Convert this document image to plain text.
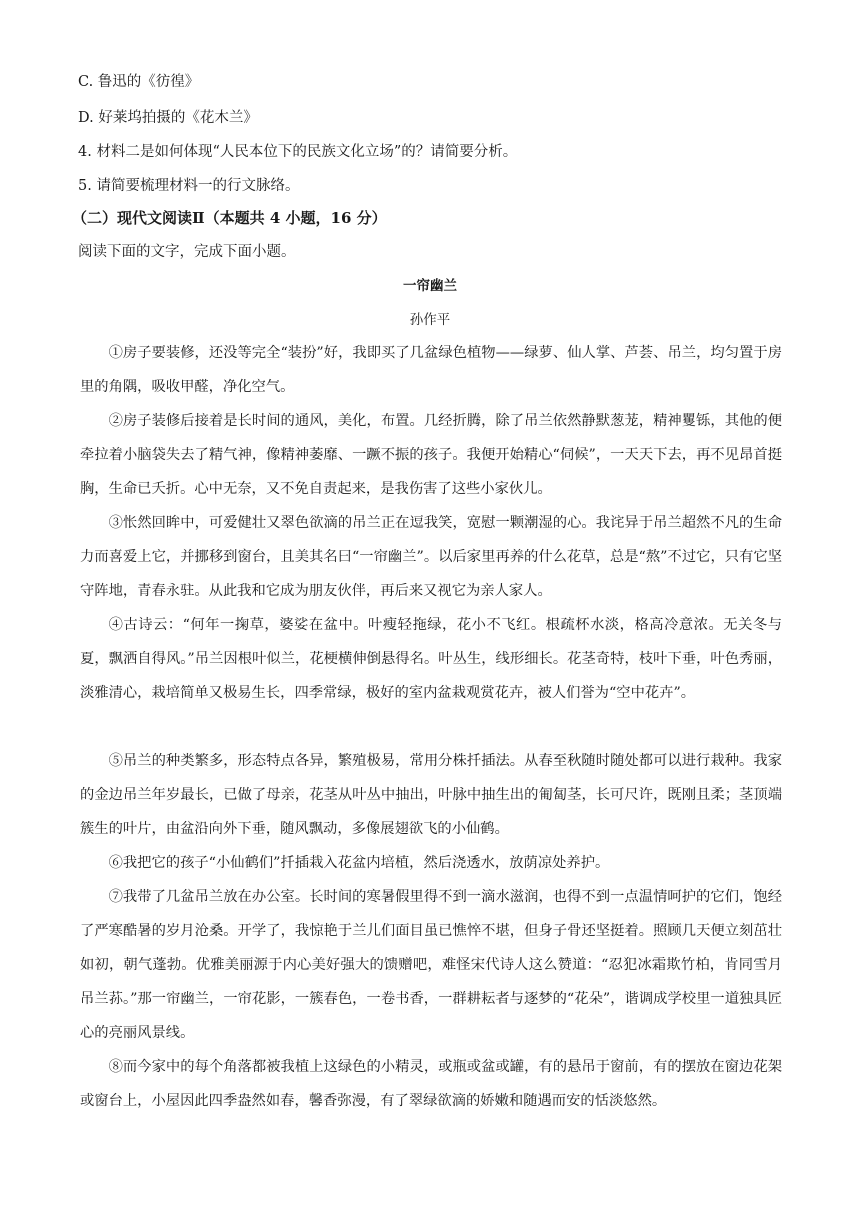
C. 鲁迅的《彷徨》
D. 好莱坞拍摄的《花木兰》
4. 材料二是如何体现“人民本位下的民族文化立场”的？请简要分析。
5. 请简要梳理材料一的行文脉络。
（二）现代文阅读Ⅱ（本题共 4 小题，16 分）
阅读下面的文字，完成下面小题。
一帘幽兰
孙作平

①房子要装修，还没等完全“装扮”好，我即买了几盆绿色植物——绿萝、仙人掌、芦荟、吊兰，均匀置于房里的角隅，吸收甲醛，净化空气。

②房子装修后接着是长时间的通风，美化，布置。几经折腾，除了吊兰依然静默葱茏，精神矍铄，其他的便牵拉着小脑袋失去了精气神，像精神萎靡、一蹶不振的孩子。我便开始精心“伺候”，一天天下去，再不见昂首挺胸，生命已夭折。心中无奈，又不免自责起来，是我伤害了这些小家伙儿。

③怅然回眸中，可爱健壮又翠色欲滴的吊兰正在逗我笑，宽慰一颗潮湿的心。我诧异于吊兰超然不凡的生命力而喜爱上它，并挪移到窗台，且美其名曰“一帘幽兰”。以后家里再养的什么花草，总是“熬”不过它，只有它坚守阵地，青春永驻。从此我和它成为朋友伙伴，再后来又视它为亲人家人。

④古诗云：“何年一掬草，婆娑在盆中。叶瘦轻拖绿，花小不飞红。根疏杯水淡，格高冷意浓。无关冬与夏，飘洒自得风。”吊兰因根叶似兰，花梗横伸倒悬得名。叶丛生，线形细长。花茎奇特，枝叶下垂，叶色秀丽，淡雅清心，栽培简单又极易生长，四季常绿，极好的室内盆栽观赏花卉，被人们誉为“空中花卉”。

⑤吊兰的种类繁多，形态特点各异，繁殖极易，常用分株扦插法。从春至秋随时随处都可以进行栽种。我家的金边吊兰年岁最长，已做了母亲，花茎从叶丛中抽出，叶脉中抽生出的匍匐茎，长可尺许，既刚且柔；茎顶端簇生的叶片，由盆沿向外下垂，随风飘动，多像展翅欲飞的小仙鹤。

⑥我把它的孩子“小仙鹤们”扦插栽入花盆内培植，然后浇透水，放荫凉处养护。

⑦我带了几盆吊兰放在办公室。长时间的寒暑假里得不到一滴水滋润，也得不到一点温情呵护的它们，饱经了严寒酷暑的岁月沧桑。开学了，我惊艳于兰儿们面目虽已憔悴不堪，但身子骨还坚挺着。照顾几天便立刻茁壮如初，朝气蓬勃。优雅美丽源于内心美好强大的馈赠吧，难怪宋代诗人这么赞道：“忍犯冰霜欺竹柏，肯同雪月吊兰荪。”那一帘幽兰，一帘花影，一簇春色，一卷书香，一群耕耘者与逐梦的“花朵”，谐调成学校里一道独具匠心的亮丽风景线。

⑧而今家中的每个角落都被我植上这绿色的小精灵，或瓶或盆或罐，有的悬吊于窗前，有的摆放在窗边花架或窗台上，小屋因此四季盎然如春，馨香弥漫，有了翠绿欲滴的娇嫩和随遇而安的恬淡悠然。
